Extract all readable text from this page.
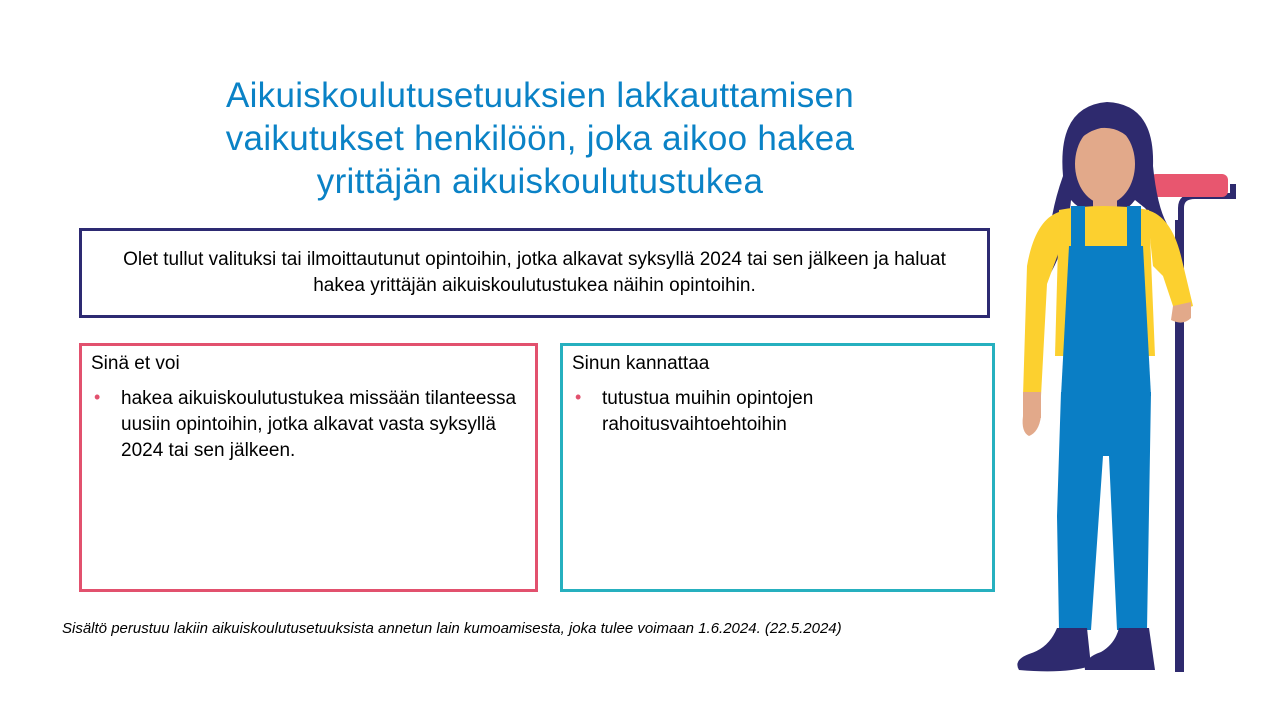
Aikuiskoulutusetuuksien lakkauttamisen
vaikutukset henkilöön, joka aikoo hakea
yrittäjän aikuiskoulutustukea
Olet tullut valituksi tai ilmoittautunut opintoihin, jotka alkavat syksyllä 2024 tai sen jälkeen ja haluat hakea yrittäjän aikuiskoulutustukea näihin opintoihin.
Sinä et voi
• hakea aikuiskoulutustukea missään tilanteessa uusiin opintoihin, jotka alkavat vasta syksyllä 2024 tai sen jälkeen.
Sinun kannattaa
• tutustua muihin opintojen rahoitusvaihtoehtoihin
Sisältö perustuu lakiin aikuiskoulutusetuuksista annetun lain kumoamisesta, joka tulee voimaan 1.6.2024. (22.5.2024)
